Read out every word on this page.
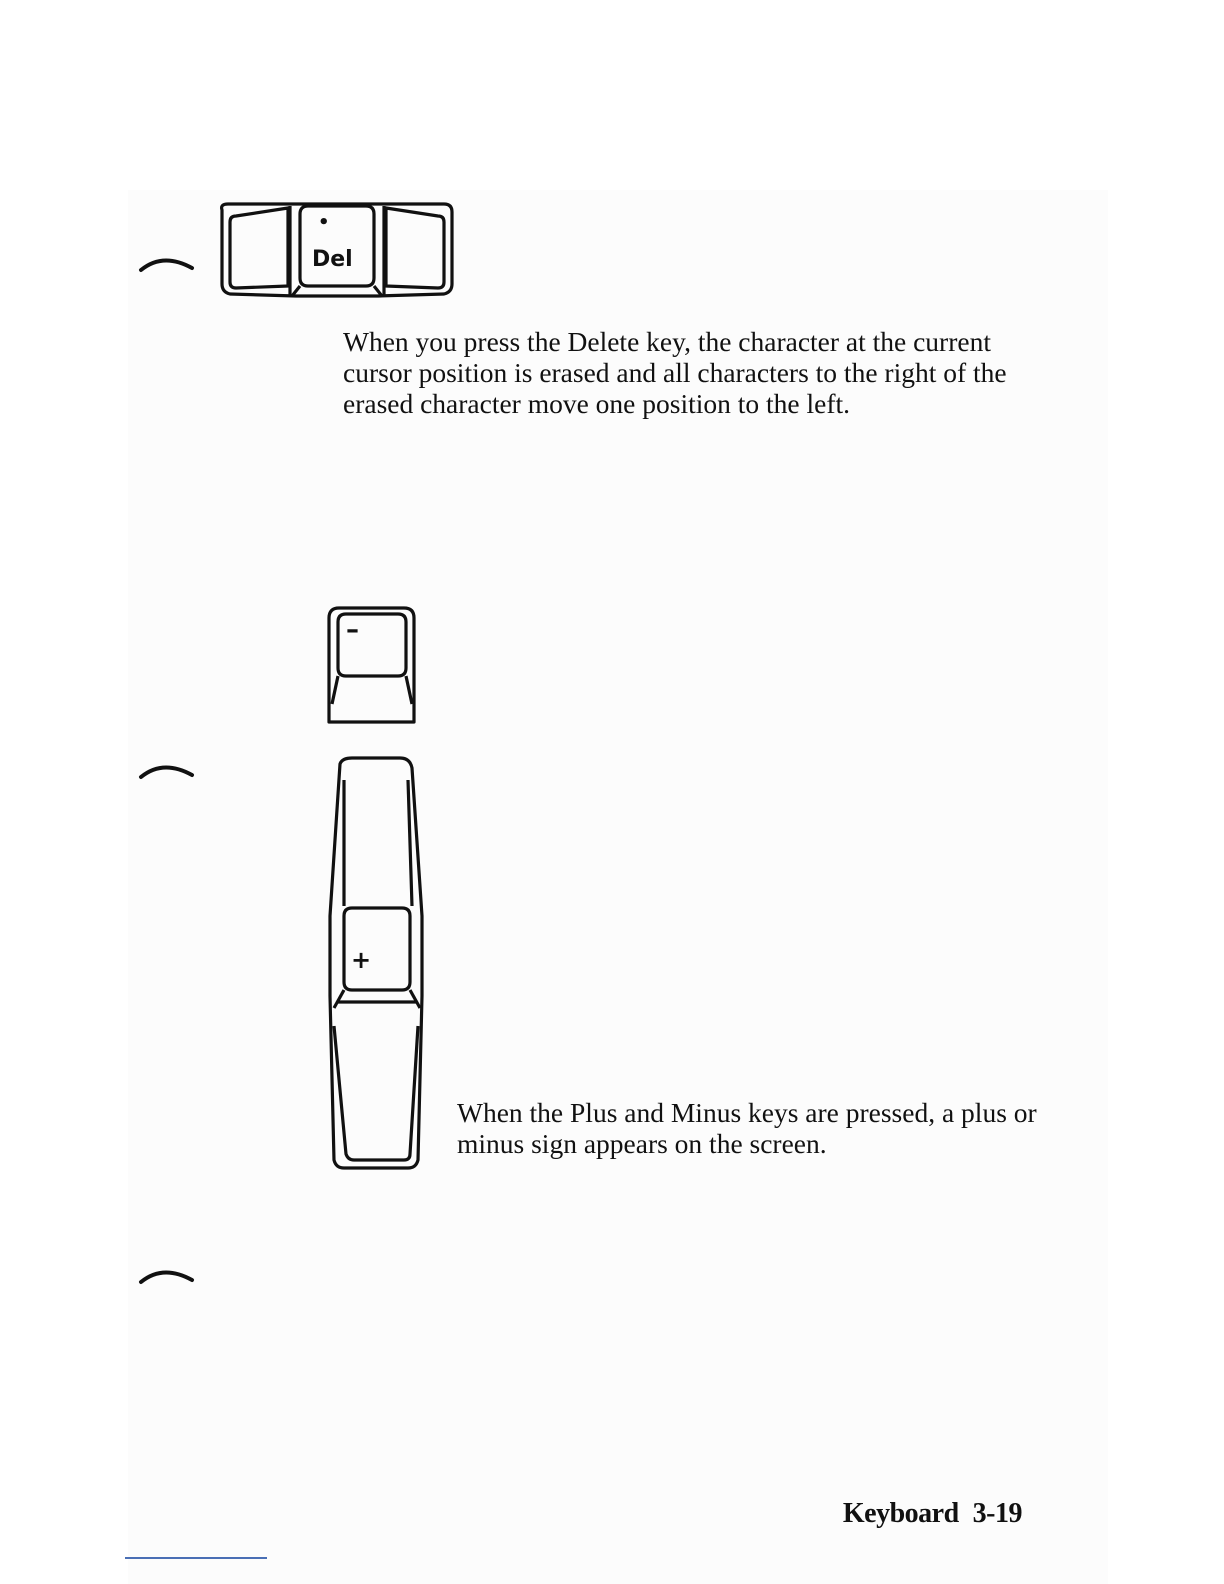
•
Del

When you press the Delete key, the character at the current cursor position is erased and all characters to the right of the erased character move one position to the left.

–
+

When the Plus and Minus keys are pressed, a plus or minus sign appears on the screen.

Keyboard 3-19
